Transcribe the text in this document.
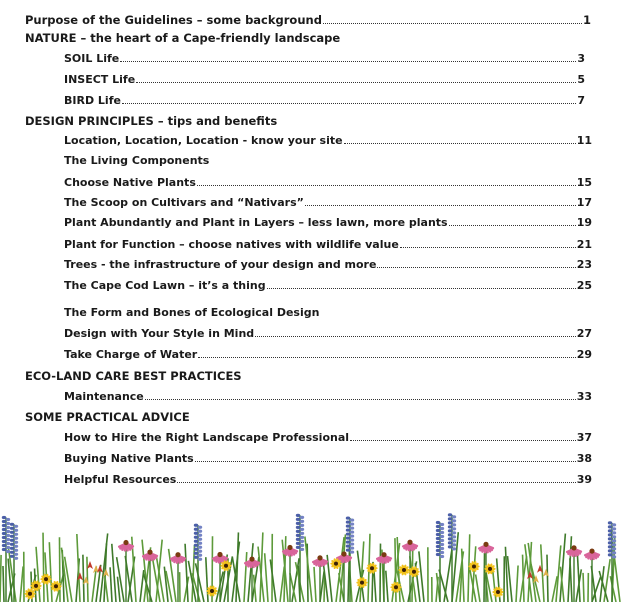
Purpose of the Guidelines – some background	1
NATURE – the heart of a Cape-friendly landscape
SOIL Life	3
INSECT Life	5
BIRD Life	7
DESIGN PRINCIPLES – tips and benefits
Location, Location, Location - know your site	11
The Living Components
Choose Native Plants	15
The Scoop on Cultivars and “Nativars”	17
Plant Abundantly and Plant in Layers – less lawn, more plants	19
Plant for Function – choose natives with wildlife value	21
Trees - the infrastructure of your design and more	23
The Cape Cod Lawn – it’s a thing	25
The Form and Bones of Ecological Design
Design with Your Style in Mind	27
Take Charge of Water	29
ECO-LAND CARE BEST PRACTICES
Maintenance	33
SOME PRACTICAL ADVICE
How to Hire the Right Landscape Professional	37
Buying Native Plants	38
Helpful Resources	39
